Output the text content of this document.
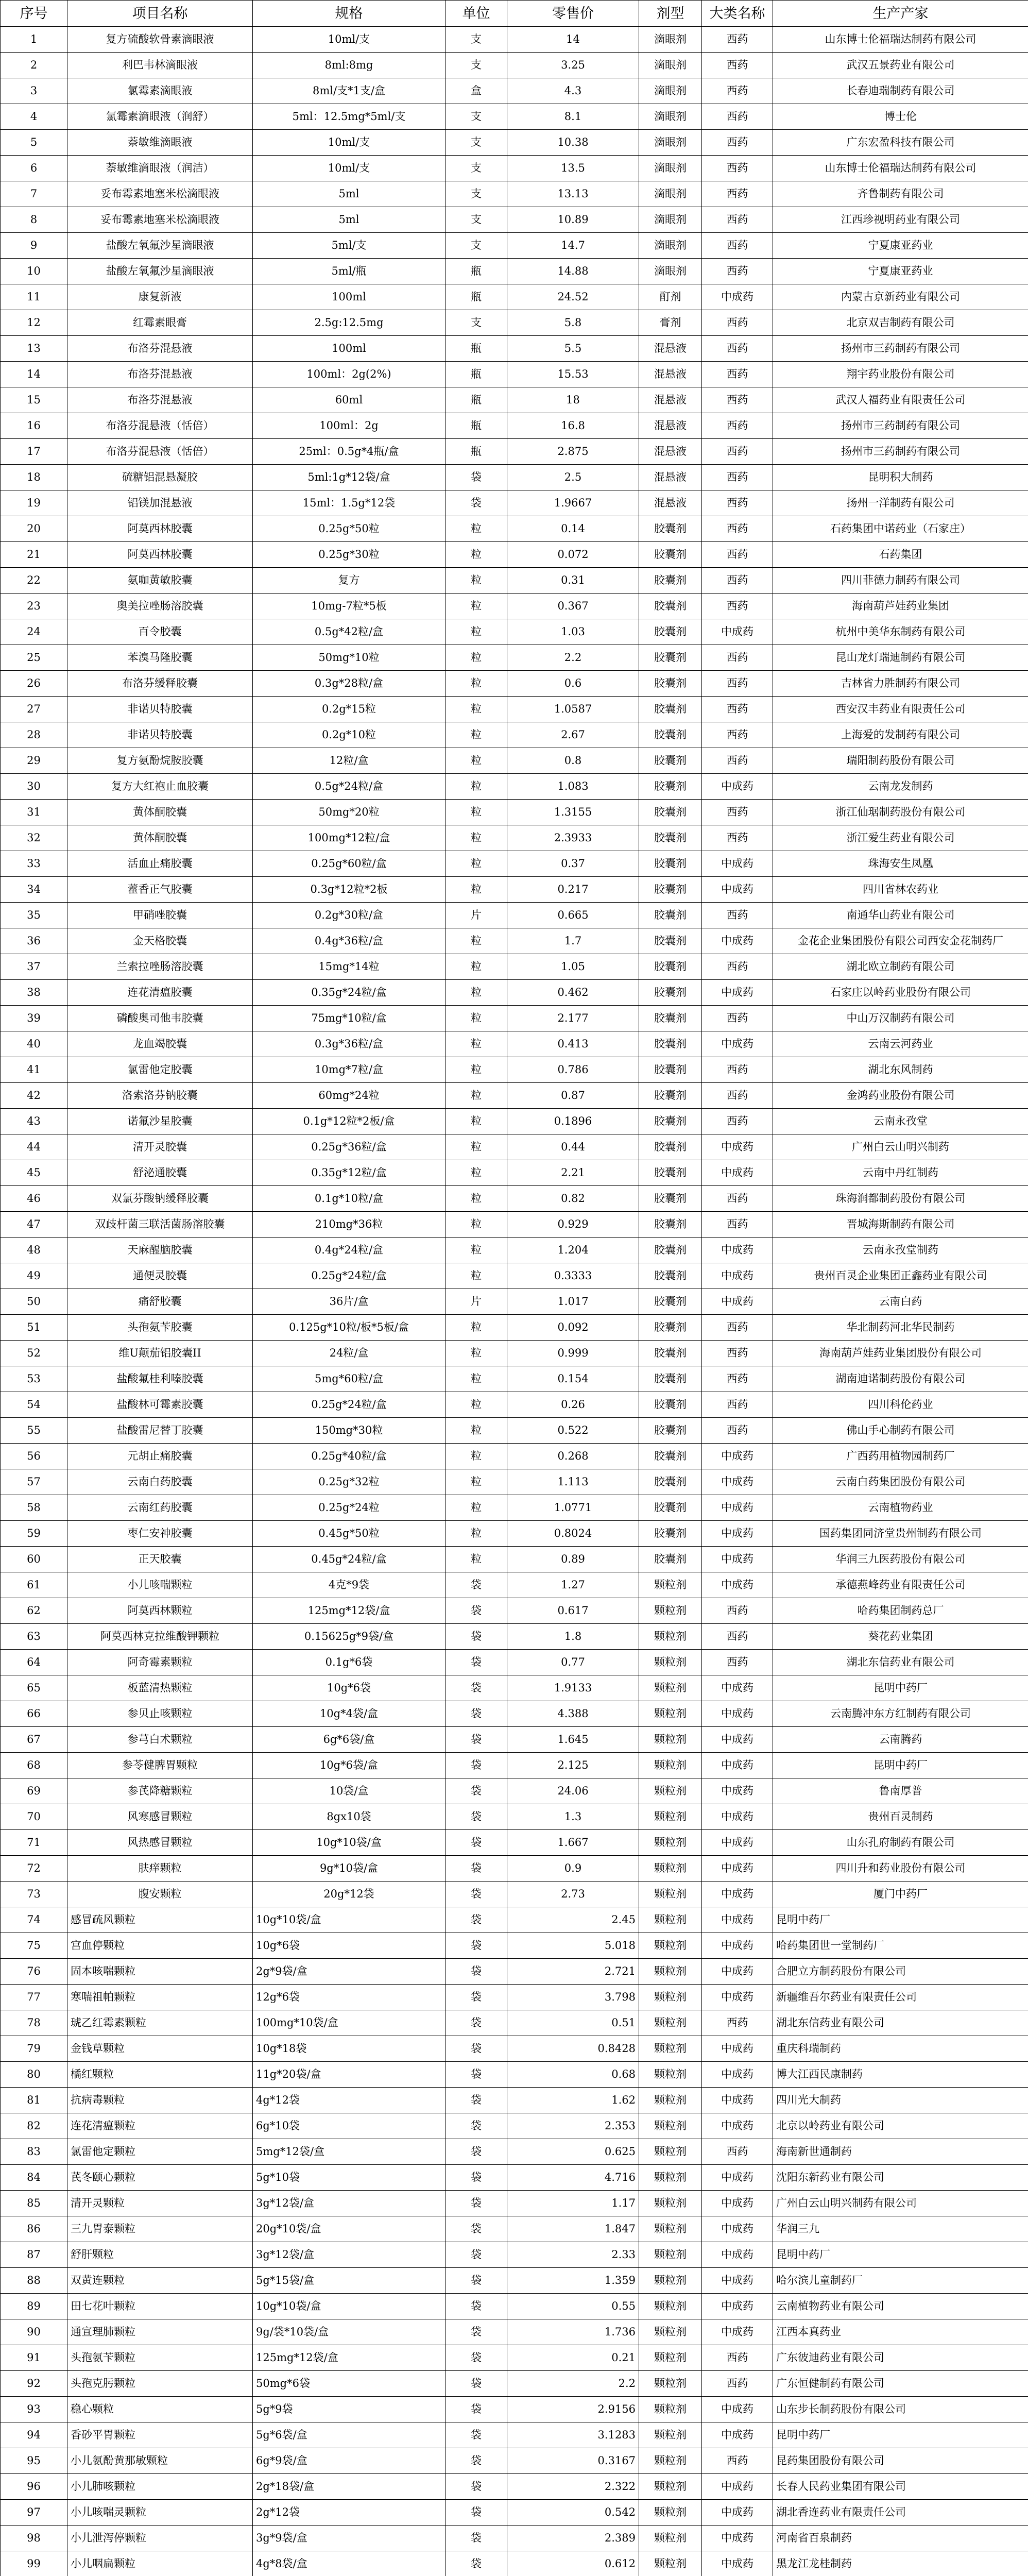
序号	项目名称	规格	单位	零售价	剂型	大类名称	生产产家
1	复方硫酸软骨素滴眼液	10ml/支	支	14	滴眼剂	西药	山东博士伦福瑞达制药有限公司
2	利巴韦林滴眼液	8ml:8mg	支	3.25	滴眼剂	西药	武汉五景药业有限公司
3	氯霉素滴眼液	8ml/支*1支/盒	盒	4.3	滴眼剂	西药	长春迪瑞制药有限公司
4	氯霉素滴眼液（润舒）	5ml：12.5mg*5ml/支	支	8.1	滴眼剂	西药	博士伦
5	萘敏维滴眼液	10ml/支	支	10.38	滴眼剂	西药	广东宏盈科技有限公司
6	萘敏维滴眼液（润洁）	10ml/支	支	13.5	滴眼剂	西药	山东博士伦福瑞达制药有限公司
7	妥布霉素地塞米松滴眼液	5ml	支	13.13	滴眼剂	西药	齐鲁制药有限公司
8	妥布霉素地塞米松滴眼液	5ml	支	10.89	滴眼剂	西药	江西珍视明药业有限公司
9	盐酸左氧氟沙星滴眼液	5ml/支	支	14.7	滴眼剂	西药	宁夏康亚药业
10	盐酸左氧氟沙星滴眼液	5ml/瓶	瓶	14.88	滴眼剂	西药	宁夏康亚药业
11	康复新液	100ml	瓶	24.52	酊剂	中成药	内蒙古京新药业有限公司
12	红霉素眼膏	2.5g:12.5mg	支	5.8	膏剂	西药	北京双吉制药有限公司
13	布洛芬混悬液	100ml	瓶	5.5	混悬液	西药	扬州市三药制药有限公司
14	布洛芬混悬液	100ml：2g(2%)	瓶	15.53	混悬液	西药	翔宇药业股份有限公司
15	布洛芬混悬液	60ml	瓶	18	混悬液	西药	武汉人福药业有限责任公司
16	布洛芬混悬液（恬倍）	100ml：2g	瓶	16.8	混悬液	西药	扬州市三药制药有限公司
17	布洛芬混悬液（恬倍）	25ml：0.5g*4瓶/盒	瓶	2.875	混悬液	西药	扬州市三药制药有限公司
18	硫糖铝混悬凝胶	5ml:1g*12袋/盒	袋	2.5	混悬液	西药	昆明积大制药
19	铝镁加混悬液	15ml：1.5g*12袋	袋	1.9667	混悬液	西药	扬州一洋制药有限公司
20	阿莫西林胶囊	0.25g*50粒	粒	0.14	胶囊剂	西药	石药集团中诺药业（石家庄）
21	阿莫西林胶囊	0.25g*30粒	粒	0.072	胶囊剂	西药	石药集团
22	氨咖黄敏胶囊	复方	粒	0.31	胶囊剂	西药	四川菲德力制药有限公司
23	奥美拉唑肠溶胶囊	10mg-7粒*5板	粒	0.367	胶囊剂	西药	海南葫芦娃药业集团
24	百令胶囊	0.5g*42粒/盒	粒	1.03	胶囊剂	中成药	杭州中美华东制药有限公司
25	苯溴马隆胶囊	50mg*10粒	粒	2.2	胶囊剂	西药	昆山龙灯瑞迪制药有限公司
26	布洛芬缓释胶囊	0.3g*28粒/盒	粒	0.6	胶囊剂	西药	吉林省力胜制药有限公司
27	非诺贝特胶囊	0.2g*15粒	粒	1.0587	胶囊剂	西药	西安汉丰药业有限责任公司
28	非诺贝特胶囊	0.2g*10粒	粒	2.67	胶囊剂	西药	上海爱的发制药有限公司
29	复方氨酚烷胺胶囊	12粒/盒	粒	0.8	胶囊剂	西药	瑞阳制药股份有限公司
30	复方大红袍止血胶囊	0.5g*24粒/盒	粒	1.083	胶囊剂	中成药	云南龙发制药
31	黄体酮胶囊	50mg*20粒	粒	1.3155	胶囊剂	西药	浙江仙琚制药股份有限公司
32	黄体酮胶囊	100mg*12粒/盒	粒	2.3933	胶囊剂	西药	浙江爱生药业有限公司
33	活血止痛胶囊	0.25g*60粒/盒	粒	0.37	胶囊剂	中成药	珠海安生凤凰
34	藿香正气胶囊	0.3g*12粒*2板	粒	0.217	胶囊剂	中成药	四川省林农药业
35	甲硝唑胶囊	0.2g*30粒/盒	片	0.665	胶囊剂	西药	南通华山药业有限公司
36	金天格胶囊	0.4g*36粒/盒	粒	1.7	胶囊剂	中成药	金花企业集团股份有限公司西安金花制药厂
37	兰索拉唑肠溶胶囊	15mg*14粒	粒	1.05	胶囊剂	西药	湖北欧立制药有限公司
38	连花清瘟胶囊	0.35g*24粒/盒	粒	0.462	胶囊剂	中成药	石家庄以岭药业股份有限公司
39	磷酸奥司他韦胶囊	75mg*10粒/盒	粒	2.177	胶囊剂	西药	中山万汉制药有限公司
40	龙血竭胶囊	0.3g*36粒/盒	粒	0.413	胶囊剂	中成药	云南云河药业
41	氯雷他定胶囊	10mg*7粒/盒	粒	0.786	胶囊剂	西药	湖北东风制药
42	洛索洛芬钠胶囊	60mg*24粒	粒	0.87	胶囊剂	西药	金鸿药业股份有限公司
43	诺氟沙星胶囊	0.1g*12粒*2板/盒	粒	0.1896	胶囊剂	西药	云南永孜堂
44	清开灵胶囊	0.25g*36粒/盒	粒	0.44	胶囊剂	中成药	广州白云山明兴制药
45	舒泌通胶囊	0.35g*12粒/盒	粒	2.21	胶囊剂	中成药	云南中丹红制药
46	双氯芬酸钠缓释胶囊	0.1g*10粒/盒	粒	0.82	胶囊剂	西药	珠海润都制药股份有限公司
47	双歧杆菌三联活菌肠溶胶囊	210mg*36粒	粒	0.929	胶囊剂	西药	晋城海斯制药有限公司
48	天麻醒脑胶囊	0.4g*24粒/盒	粒	1.204	胶囊剂	中成药	云南永孜堂制药
49	通便灵胶囊	0.25g*24粒/盒	粒	0.3333	胶囊剂	中成药	贵州百灵企业集团正鑫药业有限公司
50	痛舒胶囊	36片/盒	片	1.017	胶囊剂	中成药	云南白药
51	头孢氨苄胶囊	0.125g*10粒/板*5板/盒	粒	0.092	胶囊剂	西药	华北制药河北华民制药
52	维U颠茄铝胶囊II	24粒/盒	粒	0.999	胶囊剂	西药	海南葫芦娃药业集团股份有限公司
53	盐酸氟桂利嗪胶囊	5mg*60粒/盒	粒	0.154	胶囊剂	西药	湖南迪诺制药股份有限公司
54	盐酸林可霉素胶囊	0.25g*24粒/盒	粒	0.26	胶囊剂	西药	四川科伦药业
55	盐酸雷尼替丁胶囊	150mg*30粒	粒	0.522	胶囊剂	西药	佛山手心制药有限公司
56	元胡止痛胶囊	0.25g*40粒/盒	粒	0.268	胶囊剂	中成药	广西药用植物园制药厂
57	云南白药胶囊	0.25g*32粒	粒	1.113	胶囊剂	中成药	云南白药集团股份有限公司
58	云南红药胶囊	0.25g*24粒	粒	1.0771	胶囊剂	中成药	云南植物药业
59	枣仁安神胶囊	0.45g*50粒	粒	0.8024	胶囊剂	中成药	国药集团同济堂贵州制药有限公司
60	正天胶囊	0.45g*24粒/盒	粒	0.89	胶囊剂	中成药	华润三九医药股份有限公司
61	小儿咳喘颗粒	4克*9袋	袋	1.27	颗粒剂	中成药	承德燕峰药业有限责任公司
62	阿莫西林颗粒	125mg*12袋/盒	袋	0.617	颗粒剂	西药	哈药集团制药总厂
63	阿莫西林克拉维酸钾颗粒	0.15625g*9袋/盒	袋	1.8	颗粒剂	西药	葵花药业集团
64	阿奇霉素颗粒	0.1g*6袋	袋	0.77	颗粒剂	西药	湖北东信药业有限公司
65	板蓝清热颗粒	10g*6袋	袋	1.9133	颗粒剂	中成药	昆明中药厂
66	参贝止咳颗粒	10g*4袋/盒	袋	4.388	颗粒剂	中成药	云南腾冲东方红制药有限公司
67	参芎白术颗粒	6g*6袋/盒	袋	1.645	颗粒剂	中成药	云南腾药
68	参苓健脾胃颗粒	10g*6袋/盒	袋	2.125	颗粒剂	中成药	昆明中药厂
69	参芪降糖颗粒	10袋/盒	袋	24.06	颗粒剂	中成药	鲁南厚普
70	风寒感冒颗粒	8gx10袋	袋	1.3	颗粒剂	中成药	贵州百灵制药
71	风热感冒颗粒	10g*10袋/盒	袋	1.667	颗粒剂	中成药	山东孔府制药有限公司
72	肤痒颗粒	9g*10袋/盒	袋	0.9	颗粒剂	中成药	四川升和药业股份有限公司
73	腹安颗粒	20g*12袋	袋	2.73	颗粒剂	中成药	厦门中药厂
74	感冒疏风颗粒	10g*10袋/盒	袋	2.45	颗粒剂	中成药	昆明中药厂
75	宫血停颗粒	10g*6袋	袋	5.018	颗粒剂	中成药	哈药集团世一堂制药厂
76	固本咳喘颗粒	2g*9袋/盒	袋	2.721	颗粒剂	中成药	合肥立方制药股份有限公司
77	寒喘祖帕颗粒	12g*6袋	袋	3.798	颗粒剂	中成药	新疆维吾尔药业有限责任公司
78	琥乙红霉素颗粒	100mg*10袋/盒	袋	0.51	颗粒剂	西药	湖北东信药业有限公司
79	金钱草颗粒	10g*18袋	袋	0.8428	颗粒剂	中成药	重庆科瑞制药
80	橘红颗粒	11g*20袋/盒	袋	0.68	颗粒剂	中成药	博大江西民康制药
81	抗病毒颗粒	4g*12袋	袋	1.62	颗粒剂	中成药	四川光大制药
82	连花清瘟颗粒	6g*10袋	袋	2.353	颗粒剂	中成药	北京以岭药业有限公司
83	氯雷他定颗粒	5mg*12袋/盒	袋	0.625	颗粒剂	西药	海南新世通制药
84	芪冬颐心颗粒	5g*10袋	袋	4.716	颗粒剂	中成药	沈阳东新药业有限公司
85	清开灵颗粒	3g*12袋/盒	袋	1.17	颗粒剂	中成药	广州白云山明兴制药有限公司
86	三九胃泰颗粒	20g*10袋/盒	袋	1.847	颗粒剂	中成药	华润三九
87	舒肝颗粒	3g*12袋/盒	袋	2.33	颗粒剂	中成药	昆明中药厂
88	双黄连颗粒	5g*15袋/盒	袋	1.359	颗粒剂	中成药	哈尔滨儿童制药厂
89	田七花叶颗粒	10g*10袋/盒	袋	0.55	颗粒剂	中成药	云南植物药业有限公司
90	通宣理肺颗粒	9g/袋*10袋/盒	袋	1.736	颗粒剂	中成药	江西本真药业
91	头孢氨苄颗粒	125mg*12袋/盒	袋	0.21	颗粒剂	西药	广东彼迪药业有限公司
92	头孢克肟颗粒	50mg*6袋	袋	2.2	颗粒剂	西药	广东恒健制药有限公司
93	稳心颗粒	5g*9袋	袋	2.9156	颗粒剂	中成药	山东步长制药股份有限公司
94	香砂平胃颗粒	5g*6袋/盒	袋	3.1283	颗粒剂	中成药	昆明中药厂
95	小儿氨酚黄那敏颗粒	6g*9袋/盒	袋	0.3167	颗粒剂	西药	昆药集团股份有限公司
96	小儿肺咳颗粒	2g*18袋/盒	袋	2.322	颗粒剂	中成药	长春人民药业集团有限公司
97	小儿咳喘灵颗粒	2g*12袋	袋	0.542	颗粒剂	中成药	湖北香连药业有限责任公司
98	小儿泄泻停颗粒	3g*9袋/盒	袋	2.389	颗粒剂	中成药	河南省百泉制药
99	小儿咽扁颗粒	4g*8袋/盒	袋	0.612	颗粒剂	中成药	黑龙江龙桂制药
